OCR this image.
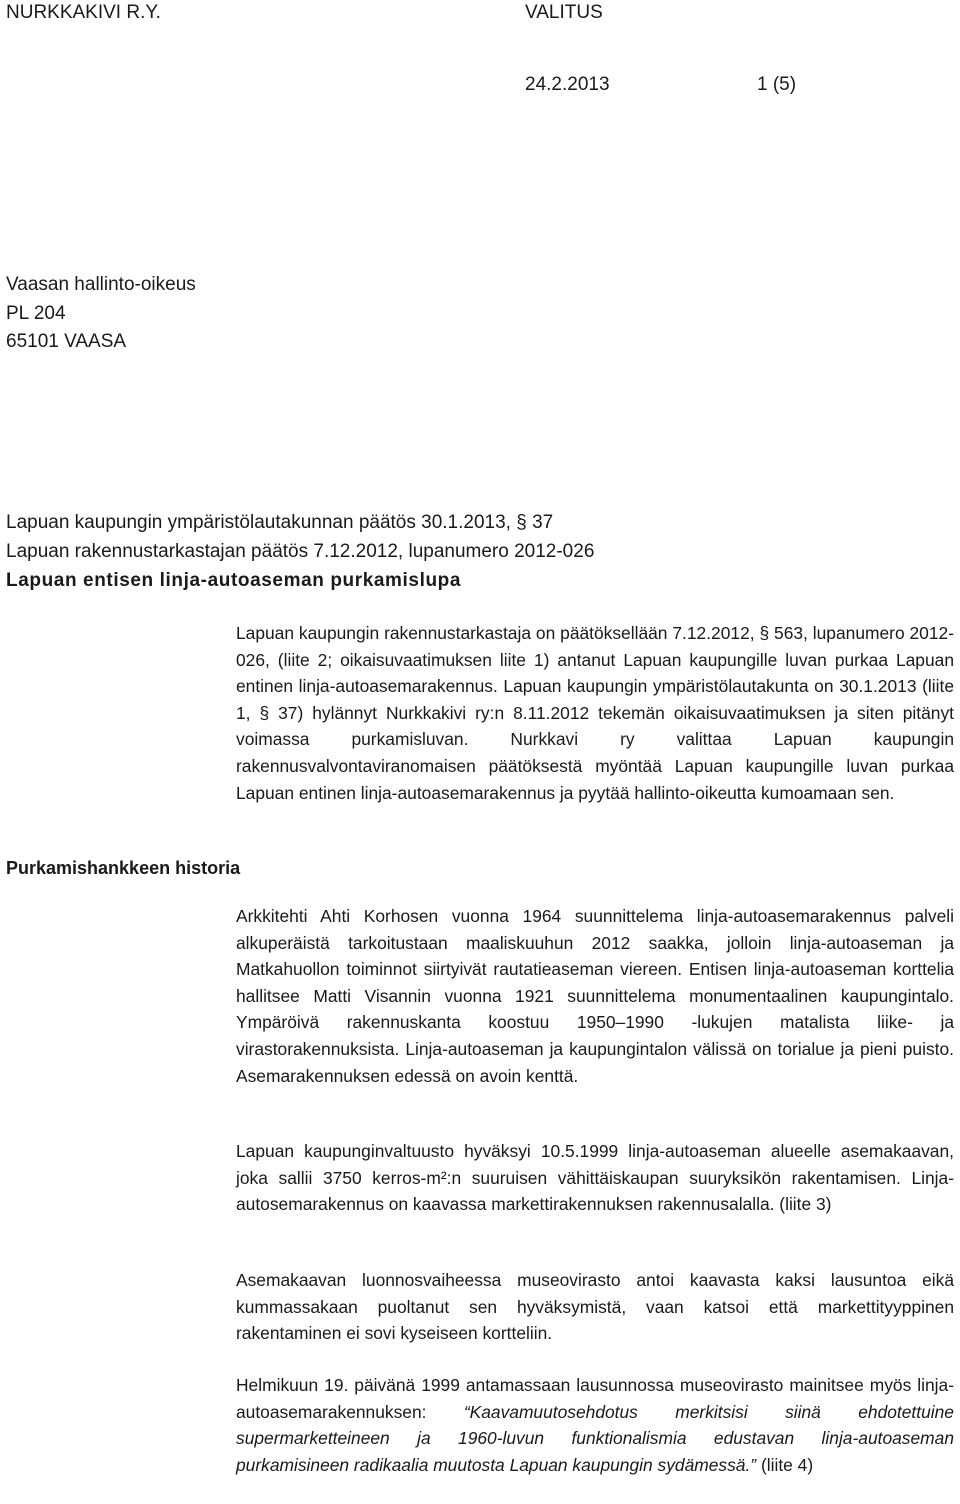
NURKKAKIVI R.Y.	VALITUS
24.2.2013	1 (5)
Vaasan hallinto-oikeus
PL 204
65101 VAASA
Lapuan kaupungin ympäristölautakunnan päätös 30.1.2013, § 37
Lapuan rakennustarkastajan päätös 7.12.2012, lupanumero 2012-026
Lapuan entisen linja-autoaseman purkamislupa

Lapuan kaupungin rakennustarkastaja on päätöksellään 7.12.2012, § 563, lupanumero 2012-026, (liite 2; oikaisuvaatimuksen liite 1) antanut Lapuan kaupungille luvan purkaa Lapuan entinen linja-autoasemarakennus. Lapuan kaupungin ympäristölautakunta on 30.1.2013 (liite 1, § 37) hylännyt Nurkkakivi ry:n 8.11.2012 tekemän oikaisuvaatimuksen ja siten pitänyt voimassa purkamisluvan. Nurkkavi ry valittaa Lapuan kaupungin rakennusvalvontaviranomaisen päätöksestä myöntää Lapuan kaupungille luvan purkaa Lapuan entinen linja-autoasemarakennus ja pyytää hallinto-oikeutta kumoamaan sen.

Purkamishankkeen historia

Arkkitehti Ahti Korhosen vuonna 1964 suunnittelema linja-autoasemarakennus palveli alkuperäistä tarkoitustaan maaliskuuhun 2012 saakka, jolloin linja-autoaseman ja Matkahuollon toiminnot siirtyivät rautatieaseman viereen. Entisen linja-autoaseman korttelia hallitsee Matti Visannin vuonna 1921 suunnittelema monumentaalinen kaupungintalo. Ympäröivä rakennuskanta koostuu 1950–1990 -lukujen matalista liike- ja virastorakennuksista. Linja-autoaseman ja kaupungintalon välissä on torialue ja pieni puisto. Asemarakennuksen edessä on avoin kenttä.

Lapuan kaupunginvaltuusto hyväksyi 10.5.1999 linja-autoaseman alueelle asemakaavan, joka sallii 3750 kerros-m²:n suuruisen vähittäiskaupan suuryksikön rakentamisen. Linja-autosemarakennus on kaavassa markettirakennuksen rakennusalalla. (liite 3)

Asemakaavan luonnosvaiheessa museovirasto antoi kaavasta kaksi lausuntoa eikä kummassakaan puoltanut sen hyväksymistä, vaan katsoi että markettityyppinen rakentaminen ei sovi kyseiseen kortteliin.

Helmikuun 19. päivänä 1999 antamassaan lausunnossa museovirasto mainitsee myös linja-autoasemarakennuksen: “Kaavamuutosehdotus merkitsisi siinä ehdotettuine supermarketteineen ja 1960-luvun funktionalismia edustavan linja-autoaseman purkamisineen radikaalia muutosta Lapuan kaupungin sydämessä.” (liite 4)
